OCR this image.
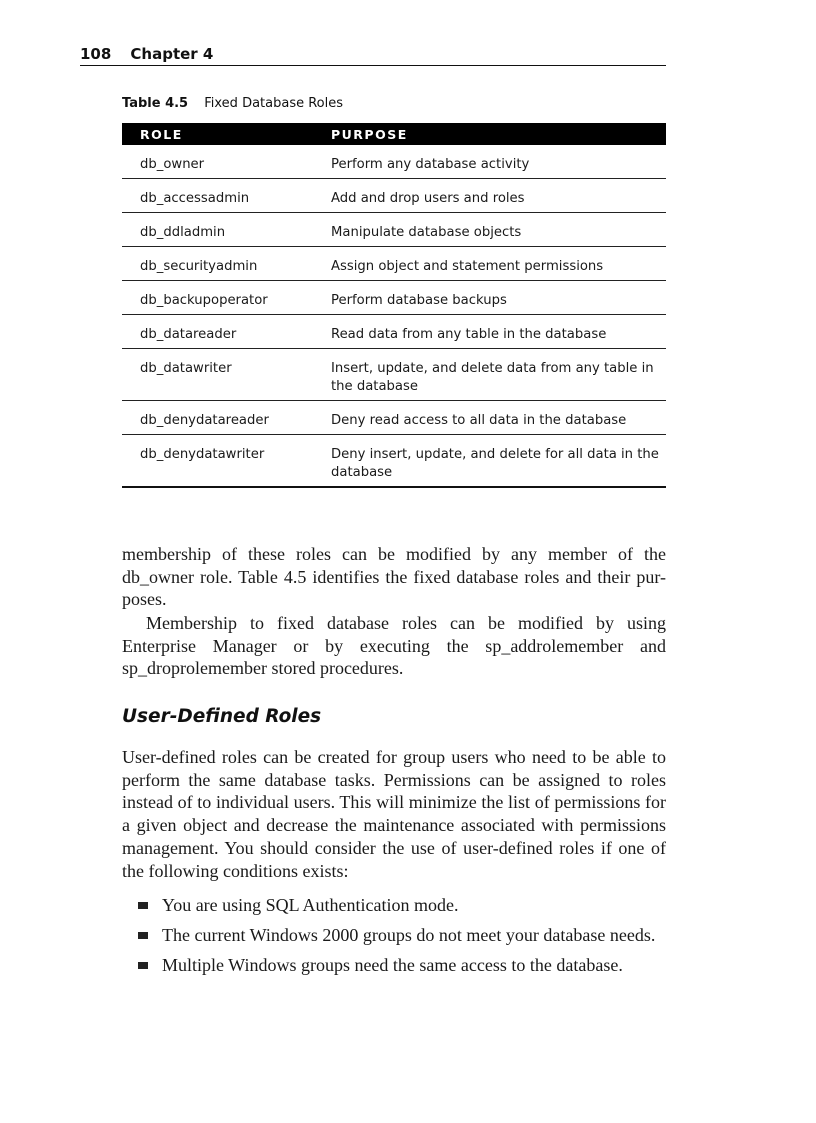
108 Chapter 4
Table 4.5 Fixed Database Roles
ROLE	PURPOSE

db_owner	Perform any database activity

db_accessadmin	Add and drop users and roles

db_ddladmin	Manipulate database objects

db_securityadmin	Assign object and statement permissions

db_backupoperator	Perform database backups

db_datareader	Read data from any table in the database

db_datawriter	Insert, update, and delete data from any table in the database

db_denydatareader	Deny read access to all data in the database

db_denydatawriter	Deny insert, update, and delete for all data in the database

membership of these roles can be modified by any member of the db_owner role. Table 4.5 identifies the fixed database roles and their pur-poses.

Membership to fixed database roles can be modified by using Enterprise Manager or by executing the sp_addrolemember and sp_droprolemember stored procedures.

User-Defined Roles

User-defined roles can be created for group users who need to be able to perform the same database tasks. Permissions can be assigned to roles instead of to individual users. This will minimize the list of permissions for a given object and decrease the maintenance associated with permissions management. You should consider the use of user-defined roles if one of the following conditions exists:

You are using SQL Authentication mode.
The current Windows 2000 groups do not meet your database needs.
Multiple Windows groups need the same access to the database.
